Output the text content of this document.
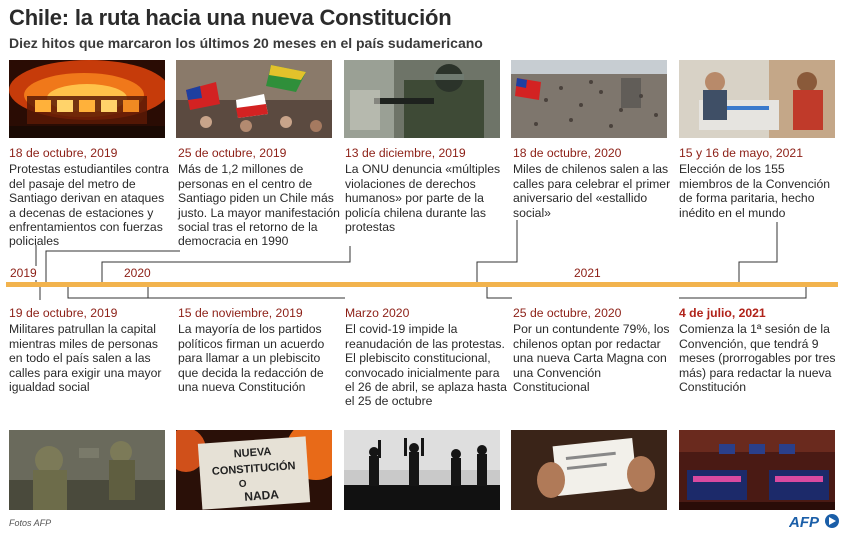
Chile: la ruta hacia una nueva Constitución
Diez hitos que marcaron los últimos 20 meses en el país sudamericano
18 de octubre, 2019
Protestas estudiantiles contra del pasaje del metro de Santiago derivan en ataques a decenas de estaciones y enfrentamientos con fuerzas policiales
25 de octubre, 2019
Más de 1,2 millones de personas en el centro de Santiago piden un Chile más justo. La mayor manifestación social tras el retorno de la democracia en 1990
13 de diciembre, 2019
La ONU denuncia «múltiples violaciones de derechos humanos» por parte de la policía chilena durante las protestas
18 de octubre, 2020
Miles de chilenos salen a las calles para celebrar el primer aniversario del «estallido social»
15 y 16 de mayo, 2021
Elección de los 155 miembros de la Convención de forma paritaria, hecho inédito en el mundo
2019	2020	2021
19 de octubre, 2019
Militares patrullan la capital mientras miles de personas en todo el país salen a las calles para exigir una mayor igualdad social
15 de noviembre, 2019
La mayoría de los partidos políticos firman un acuerdo para llamar a un plebiscito que decida la redacción de una nueva Constitución
Marzo 2020
El covid-19 impide la reanudación de las protestas. El plebiscito constitucional, convocado inicialmente para el 26 de abril, se aplaza hasta el 25 de octubre
25 de octubre, 2020
Por un contundente 79%, los chilenos optan por redactar una nueva Carta Magna con una Convención Constitucional
4 de julio, 2021
Comienza la 1ª sesión de la Convención, que tendrá 9 meses (prorrogables por tres más) para redactar la nueva Constitución
NUEVA
CONSTITUCIÓN
O
NADA
Fotos AFP	AFP
